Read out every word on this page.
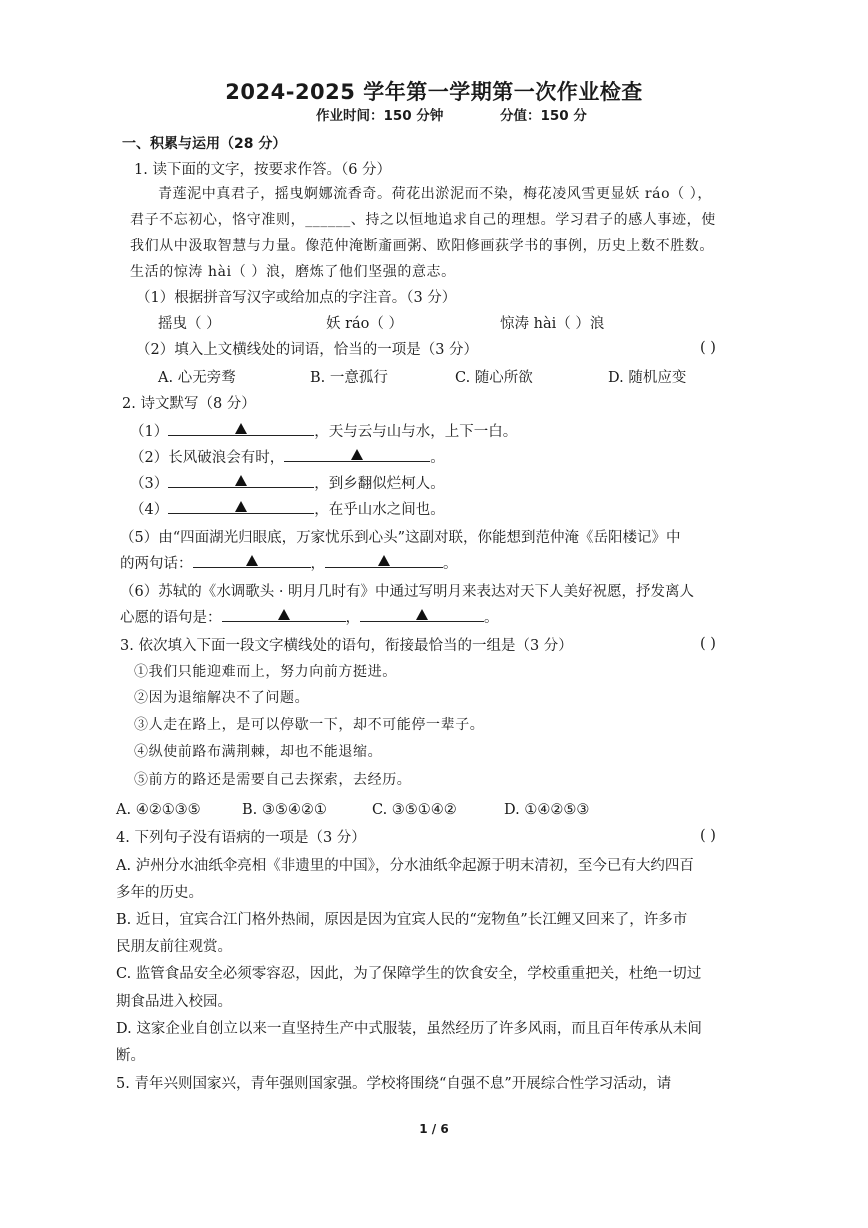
2024-2025 学年第一学期第一次作业检查
作业时间：150 分钟	分值：150 分
一、积累与运用（28 分）
1. 读下面的文字，按要求作答。（6 分）
青莲泥中真君子，摇曳婀娜流香奇。荷花出淤泥而不染，梅花凌风雪更显妖 ráo（ ），
君子不忘初心，恪守准则，______、持之以恒地追求自己的理想。学习君子的感人事迹，使
我们从中汲取智慧与力量。像范仲淹断齑画粥、欧阳修画荻学书的事例，历史上数不胜数。
生活的惊涛 hài（ ）浪，磨炼了他们坚强的意志。
（1）根据拼音写汉字或给加点的字注音。（3 分）
摇曳（ ）	妖 ráo（ ）	惊涛 hài（ ）浪
（2）填入上文横线处的词语，恰当的一项是（3 分）	( )
A. 心无旁骛	B. 一意孤行	C. 随心所欲	D. 随机应变
2. 诗文默写（8 分）
（1）	，天与云与山与水，上下一白。
（2）长风破浪会有时，	。
（3）	，到乡翻似烂柯人。
（4）	，在乎山水之间也。
（5）由“四面湖光归眼底，万家忧乐到心头”这副对联，你能想到范仲淹《岳阳楼记》中
的两句话：	，	。
（6）苏轼的《水调歌头 · 明月几时有》中通过写明月来表达对天下人美好祝愿，抒发离人
心愿的语句是：	，	。
3. 依次填入下面一段文字横线处的语句，衔接最恰当的一组是（3 分）	( )
①我们只能迎难而上，努力向前方挺进。
②因为退缩解决不了问题。
③人走在路上，是可以停歇一下，却不可能停一辈子。
④纵使前路布满荆棘，却也不能退缩。
⑤前方的路还是需要自己去探索，去经历。
A. ④②①③⑤	B. ③⑤④②①	C. ③⑤①④②	D. ①④②⑤③
4. 下列句子没有语病的一项是（3 分）	( )
A. 泸州分水油纸伞亮相《非遗里的中国》，分水油纸伞起源于明末清初，至今已有大约四百
多年的历史。
B. 近日，宜宾合江门格外热闹，原因是因为宜宾人民的“宠物鱼”长江鲤又回来了，许多市
民朋友前往观赏。
C. 监管食品安全必须零容忍，因此，为了保障学生的饮食安全，学校重重把关，杜绝一切过
期食品进入校园。
D. 这家企业自创立以来一直坚持生产中式服装，虽然经历了许多风雨，而且百年传承从未间
断。
5. 青年兴则国家兴，青年强则国家强。学校将围绕“自强不息”开展综合性学习活动，请
1 / 6
